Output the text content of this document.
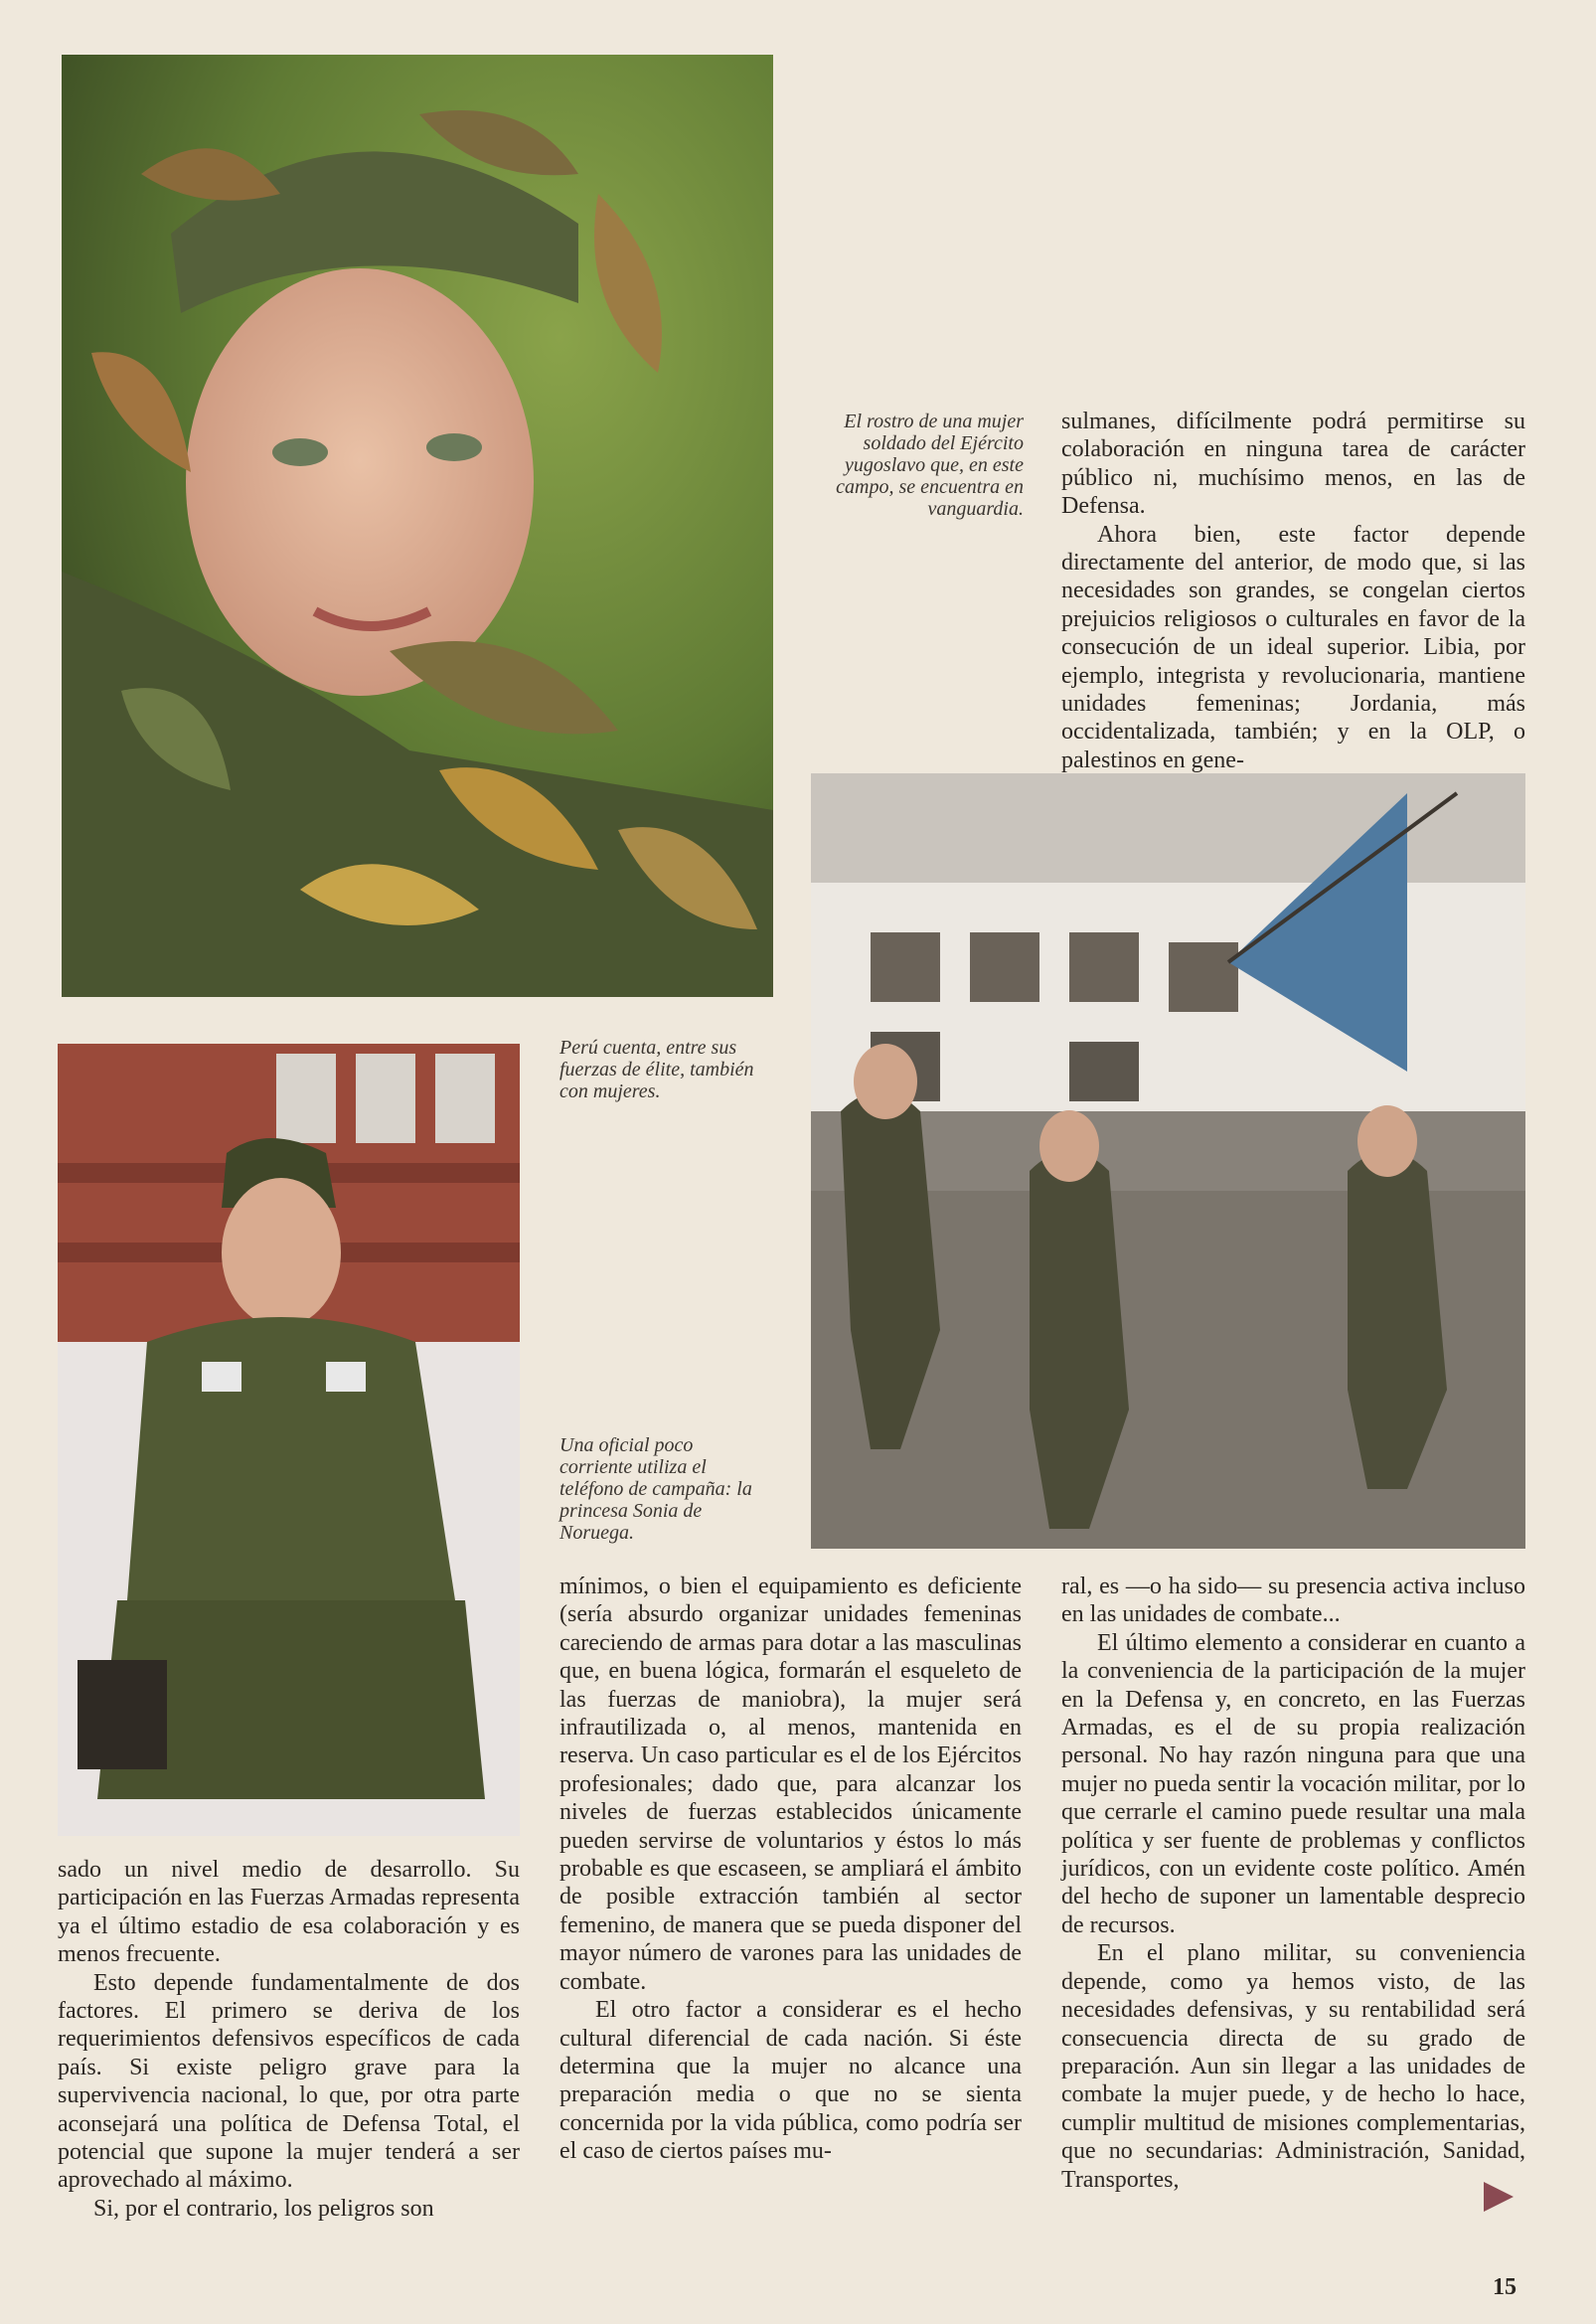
El rostro de una mujer soldado del Ejército yugoslavo que, en este campo, se encuentra en vanguardia.

sulmanes, difícilmente podrá permitirse su colaboración en ninguna tarea de carácter público ni, muchísimo menos, en las de Defensa.

Ahora bien, este factor depende directamente del anterior, de modo que, si las necesidades son grandes, se congelan ciertos prejuicios religiosos o culturales en favor de la consecución de un ideal superior. Libia, por ejemplo, integrista y revolucionaria, mantiene unidades femeninas; Jordania, más occidentalizada, también; y en la OLP, o palestinos en gene-

Perú cuenta, entre sus fuerzas de élite, también con mujeres.
Una oficial poco corriente utiliza el teléfono de campaña: la princesa Sonia de Noruega.

sado un nivel medio de desarrollo. Su participación en las Fuerzas Armadas representa ya el último estadio de esa colaboración y es menos frecuente.

Esto depende fundamentalmente de dos factores. El primero se deriva de los requerimientos defensivos específicos de cada país. Si existe peligro grave para la supervivencia nacional, lo que, por otra parte aconsejará una política de Defensa Total, el potencial que supone la mujer tenderá a ser aprovechado al máximo.

Si, por el contrario, los peligros son

mínimos, o bien el equipamiento es deficiente (sería absurdo organizar unidades femeninas careciendo de armas para dotar a las masculinas que, en buena lógica, formarán el esqueleto de las fuerzas de maniobra), la mujer será infrautilizada o, al menos, mantenida en reserva. Un caso particular es el de los Ejércitos profesionales; dado que, para alcanzar los niveles de fuerzas establecidos únicamente pueden servirse de voluntarios y éstos lo más probable es que escaseen, se ampliará el ámbito de posible extracción también al sector femenino, de manera que se pueda disponer del mayor número de varones para las unidades de combate.

El otro factor a considerar es el hecho cultural diferencial de cada nación. Si éste determina que la mujer no alcance una preparación media o que no se sienta concernida por la vida pública, como podría ser el caso de ciertos países mu-

ral, es —o ha sido— su presencia activa incluso en las unidades de combate...

El último elemento a considerar en cuanto a la conveniencia de la participación de la mujer en la Defensa y, en concreto, en las Fuerzas Armadas, es el de su propia realización personal. No hay razón ninguna para que una mujer no pueda sentir la vocación militar, por lo que cerrarle el camino puede resultar una mala política y ser fuente de problemas y conflictos jurídicos, con un evidente coste político. Amén del hecho de suponer un lamentable desprecio de recursos.

En el plano militar, su conveniencia depende, como ya hemos visto, de las necesidades defensivas, y su rentabilidad será consecuencia directa de su grado de preparación. Aun sin llegar a las unidades de combate la mujer puede, y de hecho lo hace, cumplir multitud de misiones complementarias, que no secundarias: Administración, Sanidad, Transportes,

15
